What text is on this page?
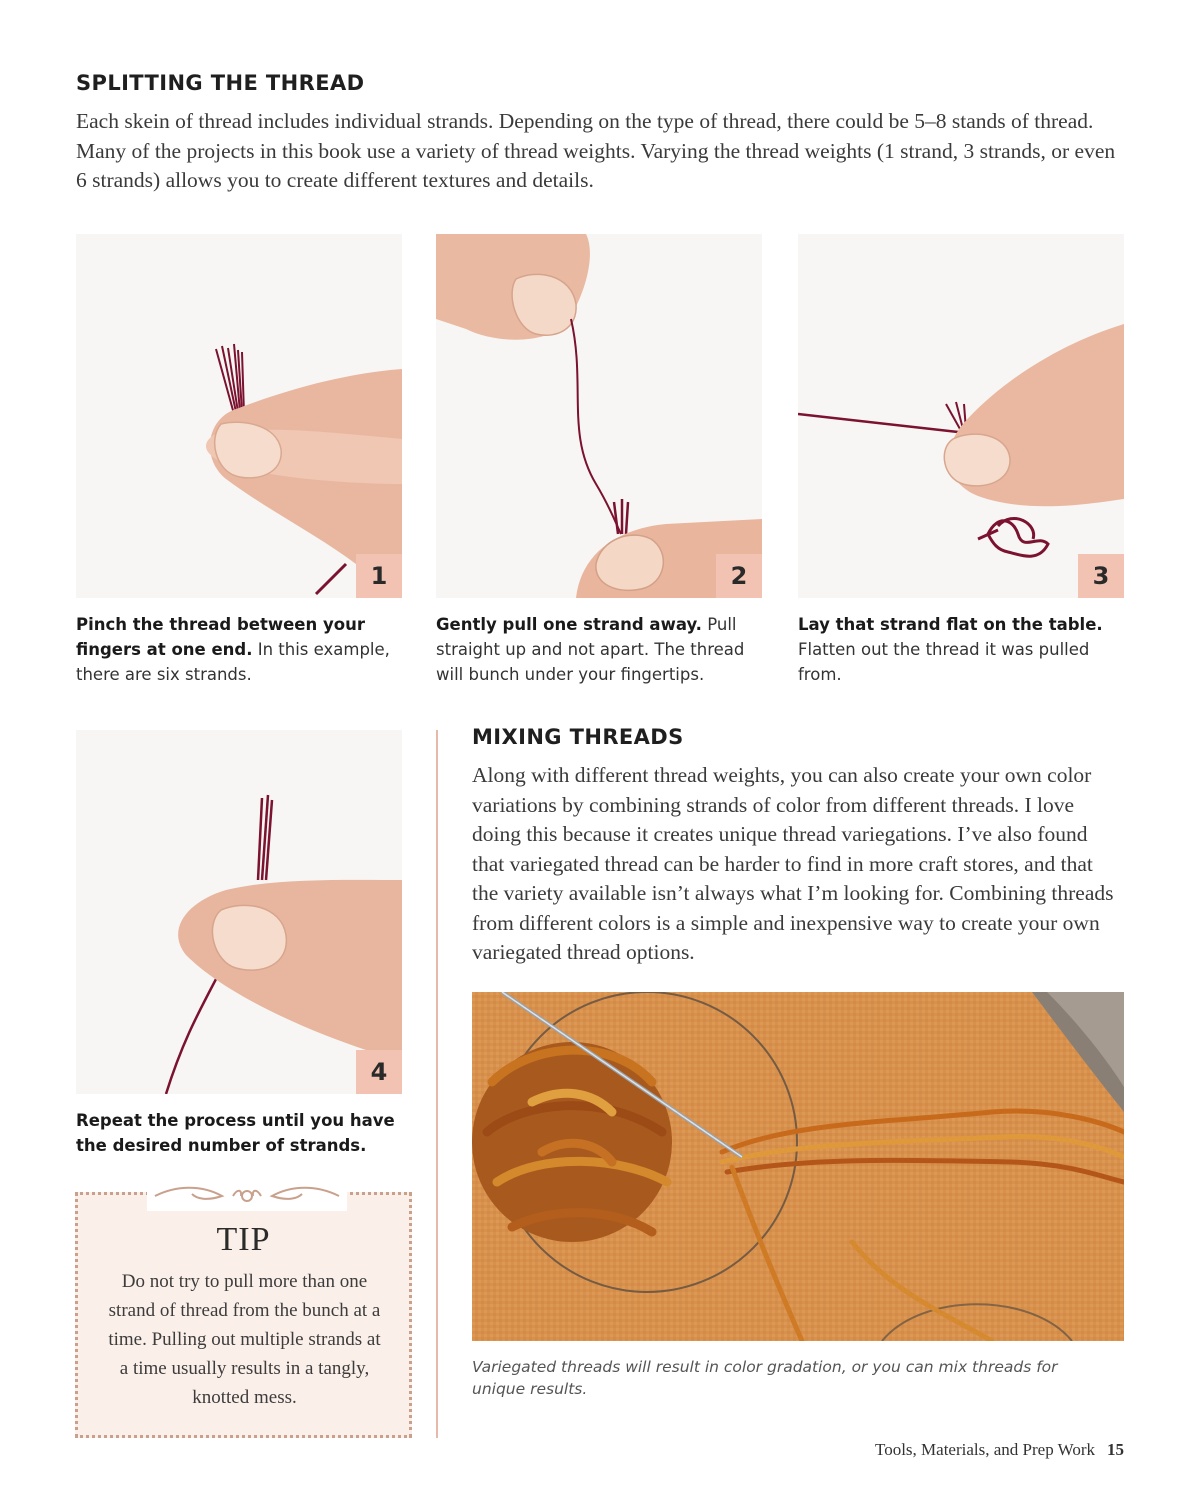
SPLITTING THE THREAD
Each skein of thread includes individual strands. Depending on the type of thread, there could be 5–8 stands of thread. Many of the projects in this book use a variety of thread weights. Varying the thread weights (1 strand, 3 strands, or even 6 strands) allows you to create different textures and details.
1	2	3
Pinch the thread between your fingers at one end. In this example, there are six strands.
Gently pull one strand away. Pull straight up and not apart. The thread will bunch under your fingertips.
Lay that strand flat on the table. Flatten out the thread it was pulled from.
4
Repeat the process until you have the desired number of strands.
TIP
Do not try to pull more than one strand of thread from the bunch at a time. Pulling out multiple strands at a time usually results in a tangly, knotted mess.
MIXING THREADS
Along with different thread weights, you can also create your own color variations by combining strands of color from different threads. I love doing this because it creates unique thread variegations. I’ve also found that variegated thread can be harder to find in more craft stores, and that the variety available isn’t always what I’m looking for. Combining threads from different colors is a simple and inexpensive way to create your own variegated thread options.
Variegated threads will result in color gradation, or you can mix threads for unique results.
Tools, Materials, and Prep Work 15
